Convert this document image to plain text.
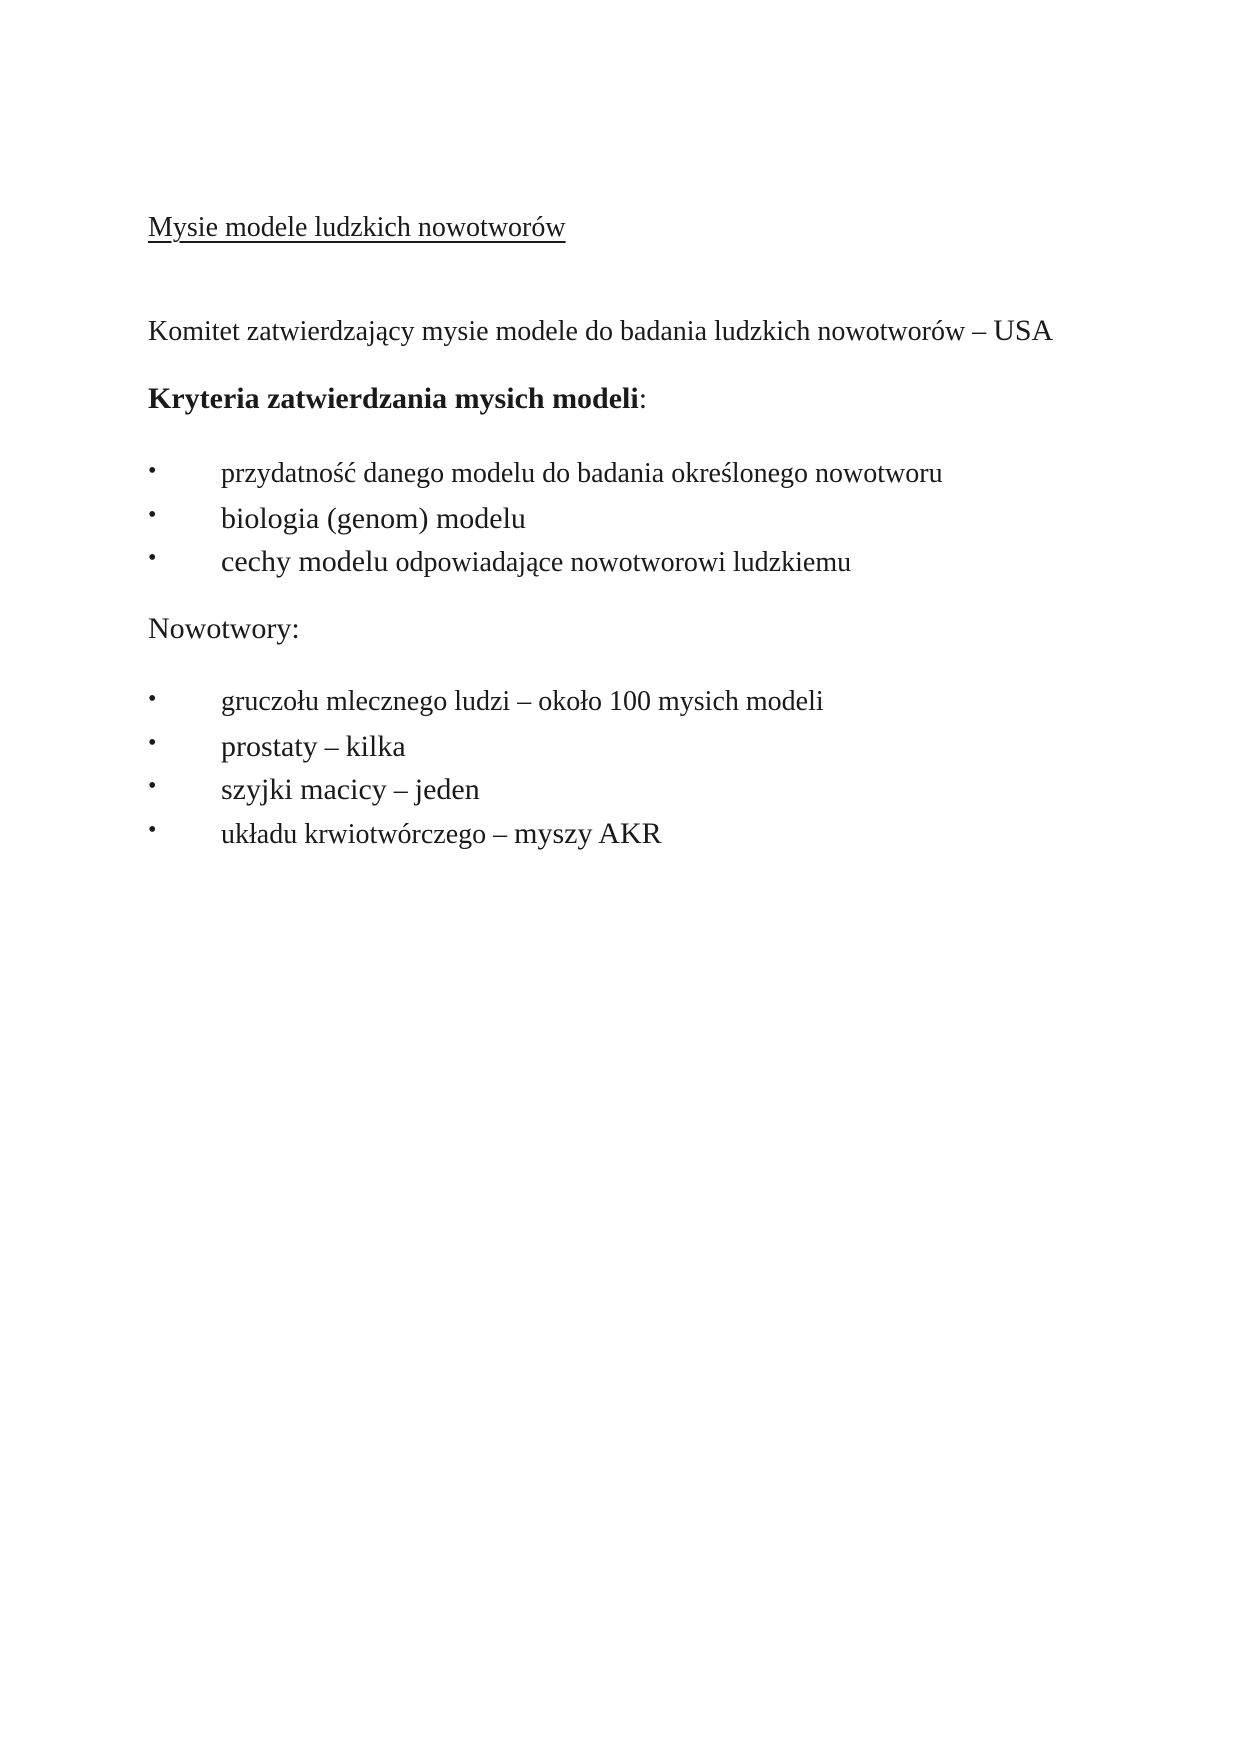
Mysie modele ludzkich nowotworów
Komitet zatwierdzający mysie modele do badania ludzkich nowotworów – USA
Kryteria zatwierdzania mysich modeli:
• przydatność danego modelu do badania określonego nowotworu
• biologia (genom) modelu
• cechy modelu odpowiadające nowotworowi ludzkiemu
Nowotwory:
• gruczołu mlecznego ludzi – około 100 mysich modeli
• prostaty – kilka
• szyjki macicy – jeden
• układu krwiotwórczego – myszy AKR
